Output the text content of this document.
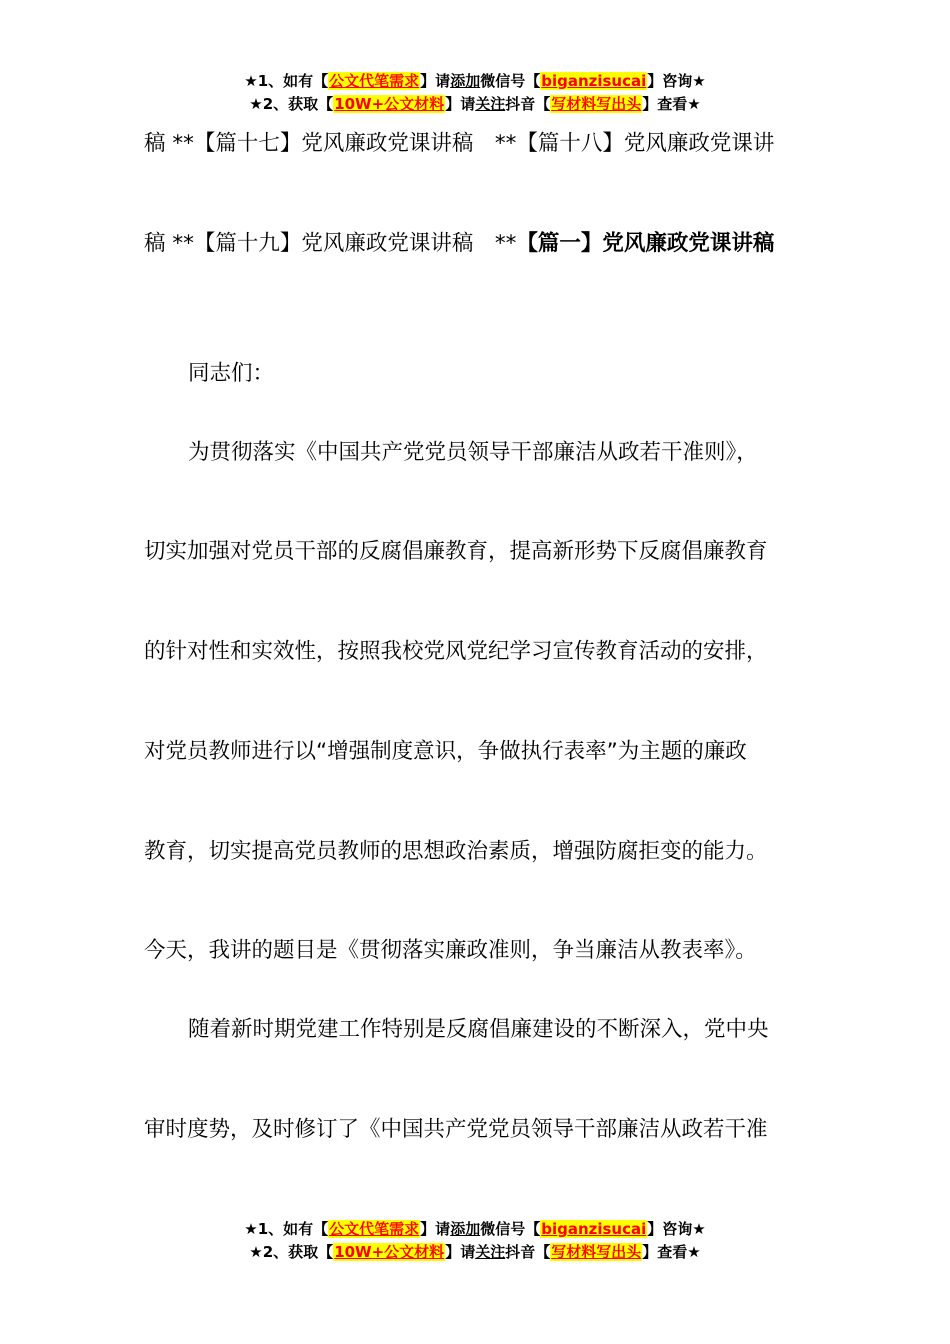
★1、如有【公文代笔需求】请添加微信号【biganzisucai】咨询★
★2、获取【10W+公文材料】请关注抖音【写材料写出头】查看★
稿 **【篇十七】党风廉政党课讲稿　**【篇十八】党风廉政党课讲
稿 **【篇十九】党风廉政党课讲稿　**【篇一】党风廉政党课讲稿
同志们：
为贯彻落实《中国共产党党员领导干部廉洁从政若干准则》，
切实加强对党员干部的反腐倡廉教育，提高新形势下反腐倡廉教育
的针对性和实效性，按照我校党风党纪学习宣传教育活动的安排，
对党员教师进行以“增强制度意识，争做执行表率”为主题的廉政
教育，切实提高党员教师的思想政治素质，增强防腐拒变的能力。
今天，我讲的题目是《贯彻落实廉政准则，争当廉洁从教表率》。
随着新时期党建工作特别是反腐倡廉建设的不断深入，党中央
审时度势，及时修订了《中国共产党党员领导干部廉洁从政若干准
★1、如有【公文代笔需求】请添加微信号【biganzisucai】咨询★
★2、获取【10W+公文材料】请关注抖音【写材料写出头】查看★
